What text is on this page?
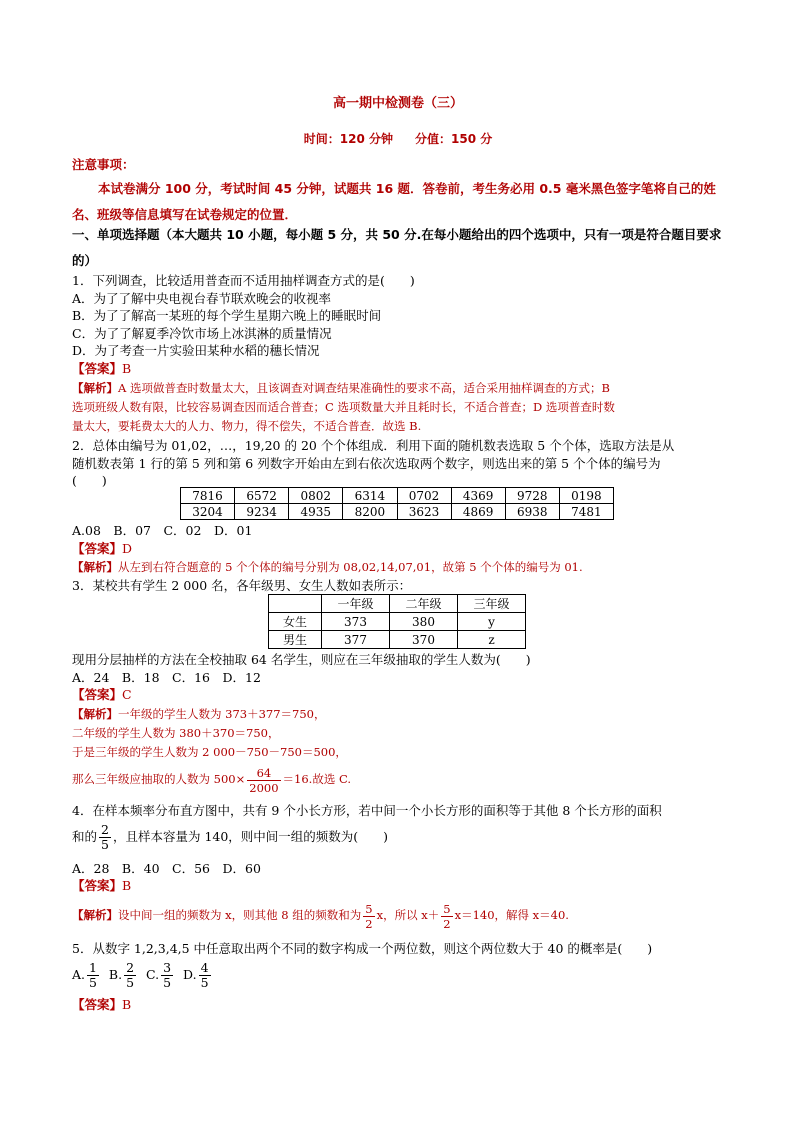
高一期中检测卷（三）
时间：120 分钟 分值：150 分
注意事项：
本试卷满分 100 分，考试时间 45 分钟，试题共 16 题．答卷前，考生务必用 0.5 毫米黑色签字笔将自己的姓名、班级等信息填写在试卷规定的位置．
一、单项选择题（本大题共 10 小题，每小题 5 分，共 50 分.在每小题给出的四个选项中，只有一项是符合题目要求的）
1．下列调查，比较适用普查而不适用抽样调查方式的是(　　)
A．为了了解中央电视台春节联欢晚会的收视率
B．为了了解高一某班的每个学生星期六晚上的睡眠时间
C．为了了解夏季冷饮市场上冰淇淋的质量情况
D．为了考查一片实验田某种水稻的穗长情况
【答案】B
【解析】A 选项做普查时数量太大，且该调查对调查结果准确性的要求不高，适合采用抽样调查的方式；B
选项班级人数有限，比较容易调查因而适合普查；C 选项数量大并且耗时长，不适合普查；D 选项普查时数
量太大，要耗费太大的人力、物力，得不偿失，不适合普查．故选 B.
2．总体由编号为 01,02，…，19,20 的 20 个个体组成．利用下面的随机数表选取 5 个个体，选取方法是从
随机数表第 1 行的第 5 列和第 6 列数字开始由左到右依次选取两个数字，则选出来的第 5 个个体的编号为
(　　)
7816	6572	0802	6314	0702	4369	9728	0198
3204	9234	4935	8200	3623	4869	6938	7481
A.08　B．07　C．02　D．01
【答案】D
【解析】从左到右符合题意的 5 个个体的编号分别为 08,02,14,07,01，故第 5 个个体的编号为 01.
3．某校共有学生 2 000 名，各年级男、女生人数如表所示：
	一年级	二年级	三年级
女生	373	380	y
男生	377	370	z
现用分层抽样的方法在全校抽取 64 名学生，则应在三年级抽取的学生人数为(　　)
A．24　B．18　C．16　D．12
【答案】C
【解析】一年级的学生人数为 373＋377＝750，
二年级的学生人数为 380＋370＝750，
于是三年级的学生人数为 2 000－750－750＝500，
那么三年级应抽取的人数为 $500\times \frac{64}{2000} =16$.故选 C.
4．在样本频率分布直方图中，共有 9 个小长方形，若中间一个小长方形的面积等于其他 8 个长方形的面积
和的 $\frac{2}{5}$ ，且样本容量为 140，则中间一组的频数为(　　)
A．28　B．40　C．56　D．60
【答案】B
【解析】设中间一组的频数为 x，则其他 8 组的频数和为 $\frac{5}{2}$ x，所以 $x+ \frac{5}{2} x=140$，解得 x＝40.
5．从数字 1,2,3,4,5 中任意取出两个不同的数字构成一个两位数，则这个两位数大于 40 的概率是(　　)
A. $\frac{1}{5} B$. $\frac{2}{5} C$. $\frac{3}{5} D$. $\frac{4}{5}$
【答案】B
